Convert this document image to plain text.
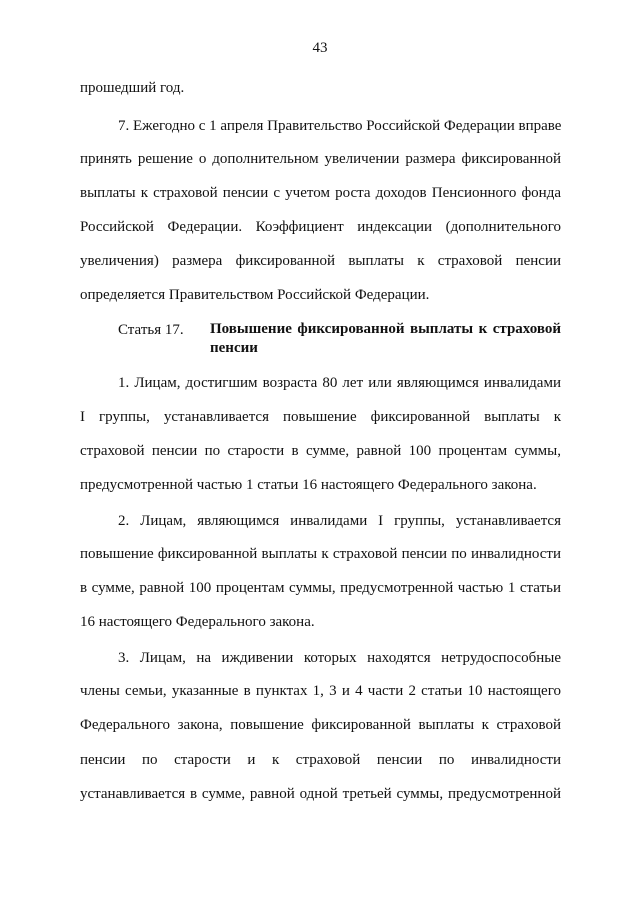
43
прошедший год.
7. Ежегодно с 1 апреля Правительство Российской Федерации вправе
принять решение о дополнительном увеличении размера фиксированной
выплаты к страховой пенсии с учетом роста доходов Пенсионного фонда
Российской Федерации. Коэффициент индексации (дополнительного
увеличения) размера фиксированной выплаты к страховой пенсии
определяется Правительством Российской Федерации.
Статья 17. Повышение фиксированной выплаты к страховой
пенсии
1. Лицам, достигшим возраста 80 лет или являющимся инвалидами
I группы, устанавливается повышение фиксированной выплаты к
страховой пенсии по старости в сумме, равной 100 процентам суммы,
предусмотренной частью 1 статьи 16 настоящего Федерального закона.
2. Лицам, являющимся инвалидами I группы, устанавливается
повышение фиксированной выплаты к страховой пенсии по инвалидности
в сумме, равной 100 процентам суммы, предусмотренной частью 1 статьи
16 настоящего Федерального закона.
3. Лицам, на иждивении которых находятся нетрудоспособные
члены семьи, указанные в пунктах 1, 3 и 4 части 2 статьи 10 настоящего
Федерального закона, повышение фиксированной выплаты к страховой
пенсии по старости и к страховой пенсии по инвалидности
устанавливается в сумме, равной одной третьей суммы, предусмотренной
